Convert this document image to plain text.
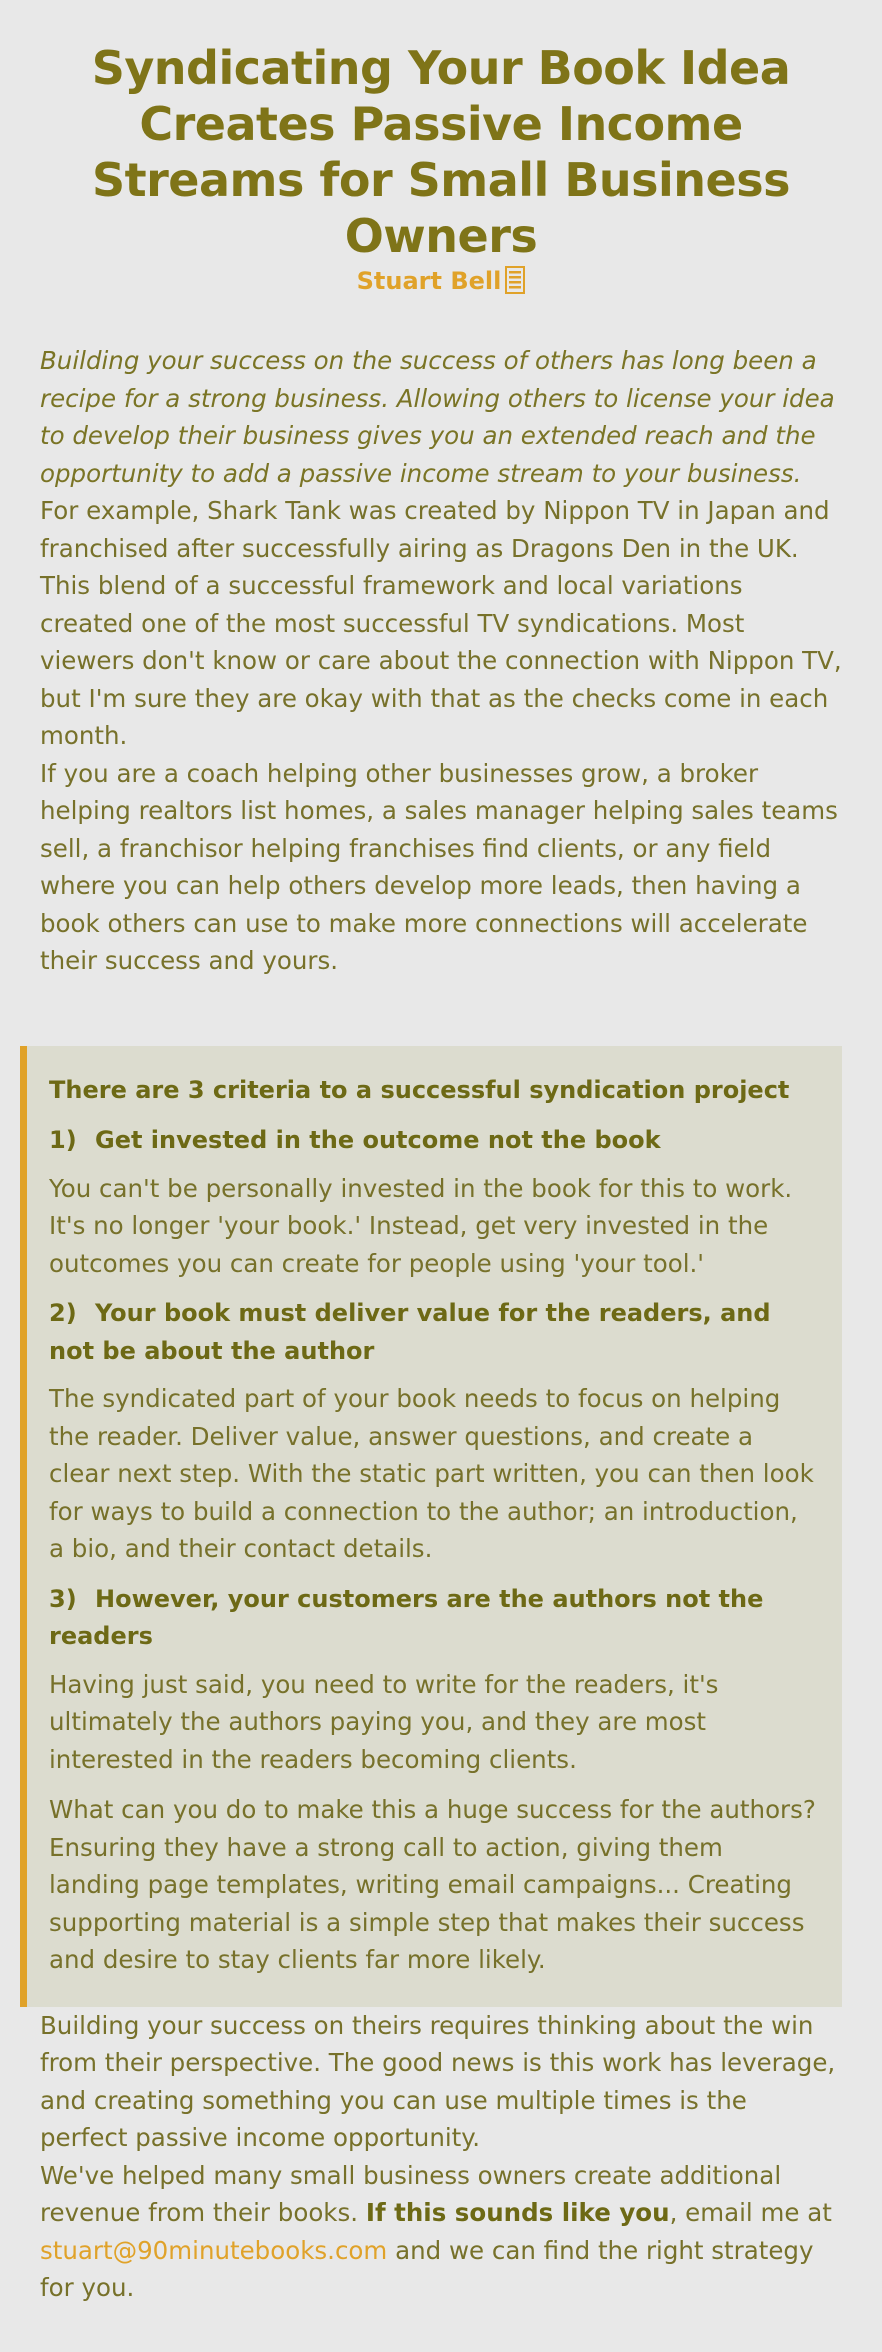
Syndicating Your Book Idea Creates Passive Income Streams for Small Business Owners
Stuart Bell

Building your success on the success of others has long been a recipe for a strong business. Allowing others to license your idea to develop their business gives you an extended reach and the opportunity to add a passive income stream to your business.

For example, Shark Tank was created by Nippon TV in Japan and franchised after successfully airing as Dragons Den in the UK. This blend of a successful framework and local variations created one of the most successful TV syndications. Most viewers don't know or care about the connection with Nippon TV, but I'm sure they are okay with that as the checks come in each month.

If you are a coach helping other businesses grow, a broker helping realtors list homes, a sales manager helping sales teams sell, a franchisor helping franchises find clients, or any field where you can help others develop more leads, then having a book others can use to make more connections will accelerate their success and yours.

There are 3 criteria to a successful syndication project
1) Get invested in the outcome not the book

You can't be personally invested in the book for this to work. It's no longer 'your book.' Instead, get very invested in the outcomes you can create for people using 'your tool.'

2) Your book must deliver value for the readers, and not be about the author

The syndicated part of your book needs to focus on helping the reader. Deliver value, answer questions, and create a clear next step. With the static part written, you can then look for ways to build a connection to the author; an introduction, a bio, and their contact details.

3) However, your customers are the authors not the readers

Having just said, you need to write for the readers, it's ultimately the authors paying you, and they are most interested in the readers becoming clients.

What can you do to make this a huge success for the authors? Ensuring they have a strong call to action, giving them landing page templates, writing email campaigns... Creating supporting material is a simple step that makes their success and desire to stay clients far more likely.

Building your success on theirs requires thinking about the win from their perspective. The good news is this work has leverage, and creating something you can use multiple times is the perfect passive income opportunity.

We've helped many small business owners create additional revenue from their books. If this sounds like you, email me at stuart@90minutebooks.com and we can find the right strategy for you.
